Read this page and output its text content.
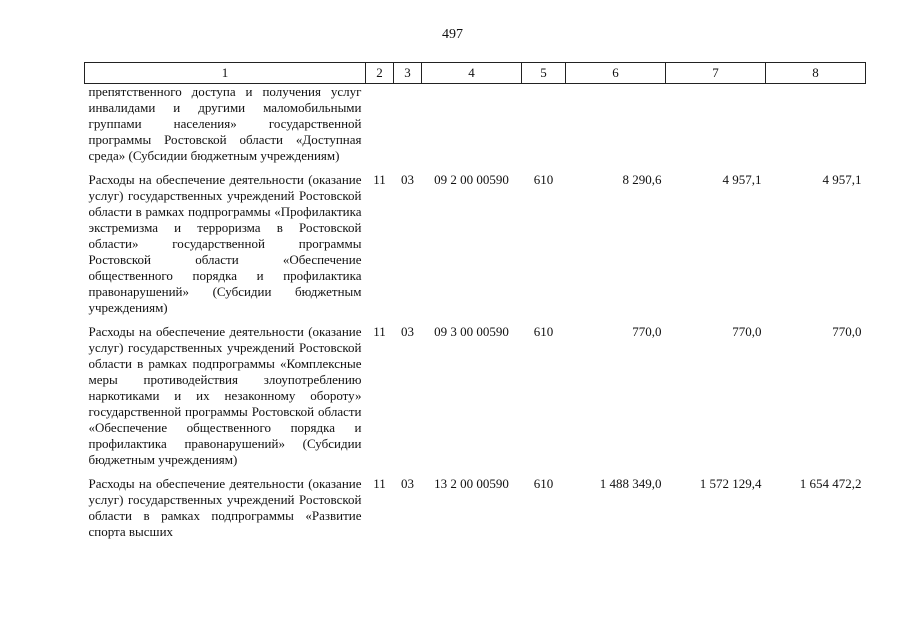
497
1	2	3	4	5	6	7	8
препятственного доступа и получения услуг инвалидами и другими маломобильными группами населения» государственной программы Ростовской области «Доступная среда» (Субсидии бюджетным учреждениям)							
Расходы на обеспечение деятельности (оказание услуг) государственных учреждений Ростовской области в рамках подпрограммы «Профилактика экстремизма и терроризма в Ростовской области» государственной программы Ростовской области «Обеспечение общественного порядка и профилактика правонарушений» (Субсидии бюджетным учреждениям)	11	03	09 2 00 00590	610	8 290,6	4 957,1	4 957,1
Расходы на обеспечение деятельности (оказание услуг) государственных учреждений Ростовской области в рамках подпрограммы «Комплексные меры противодействия злоупотреблению наркотиками и их незаконному обороту» государственной программы Ростовской области «Обеспечение общественного порядка и профилактика правонарушений» (Субсидии бюджетным учреждениям)	11	03	09 3 00 00590	610	770,0	770,0	770,0
Расходы на обеспечение деятельности (оказание услуг) государственных учреждений Ростовской области в рамках подпрограммы «Развитие спорта высших	11	03	13 2 00 00590	610	1 488 349,0	1 572 129,4	1 654 472,2
